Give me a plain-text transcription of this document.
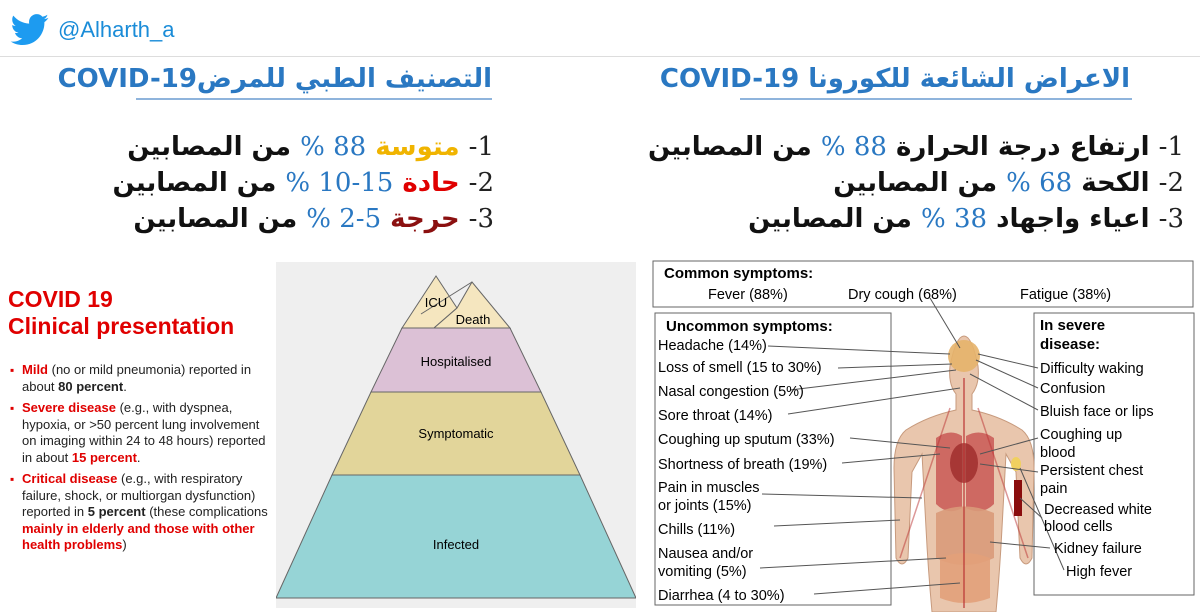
@Alharth_a
التصنيف الطبي للمرضCOVID-19	الاعراض الشائعة للكورونا COVID-19
1- متوسة 88 % من المصابين
2- حادة 15-10 % من المصابين
3- حرجة 5-2 % من المصابين
1- ارتفاع درجة الحرارة 88 % من المصابين
2- الكحة 68 % من المصابين
3- اعياء واجهاد 38 % من المصابين
COVID 19
Clinical presentation
▪ Mild (no or mild pneumonia) reported in about 80 percent.
▪ Severe disease (e.g., with dyspnea, hypoxia, or >50 percent lung involvement on imaging within 24 to 48 hours) reported in about 15 percent.
▪ Critical disease (e.g., with respiratory failure, shock, or multiorgan dysfunction) reported in 5 percent (these complications mainly in elderly and those with other health problems)
ICU
Death
Hospitalised
Symptomatic
Infected
Common symptoms:
Fever (88%)	Dry cough (68%)	Fatigue (38%)
Uncommon symptoms:
Headache (14%)
Loss of smell (15 to 30%)
Nasal congestion (5%)
Sore throat (14%)
Coughing up sputum (33%)
Shortness of breath (19%)
Pain in muscles
or joints (15%)
Chills (11%)
Nausea and/or
vomiting (5%)
Diarrhea (4 to 30%)
In severe
disease:
Difficulty waking
Confusion
Bluish face or lips
Coughing up
blood
Persistent chest
pain
Decreased white
blood cells
Kidney failure
High fever
